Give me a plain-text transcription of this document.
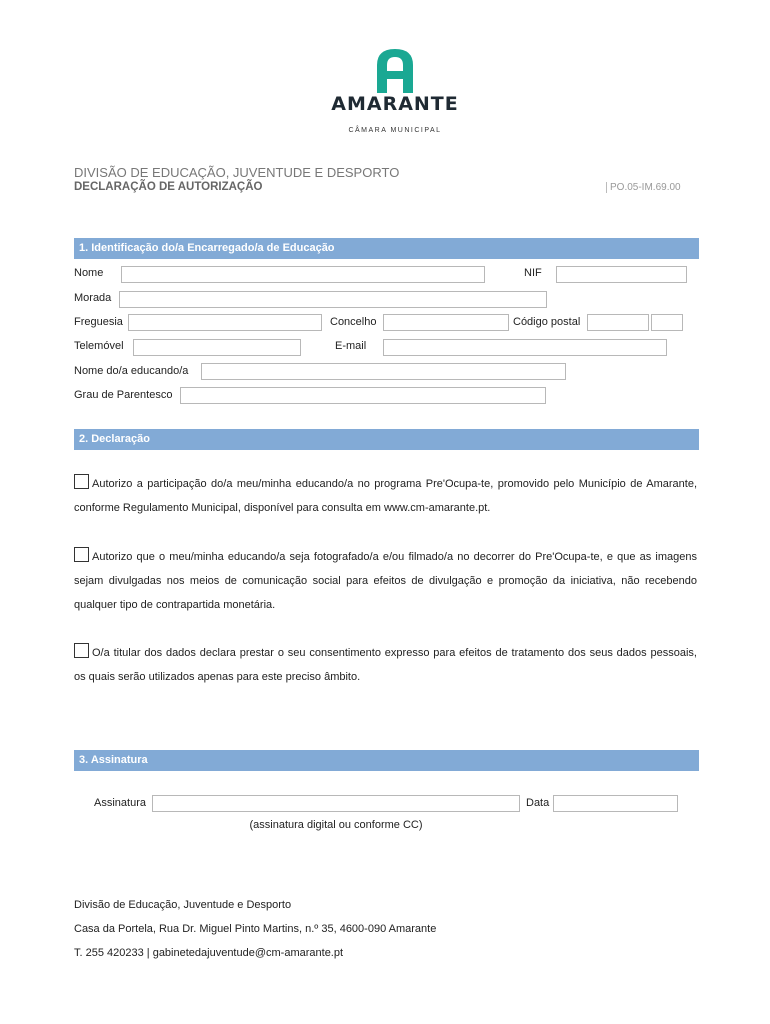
AMARANTE
CÂMARA MUNICIPAL
DIVISÃO DE EDUCAÇÃO, JUVENTUDE E DESPORTO
DECLARAÇÃO DE AUTORIZAÇÃO	PO.05-IM.69.00
1. Identificação do/a Encarregado/a de Educação
Nome	NIF
Morada
Freguesia	Concelho	Código postal
Telemóvel	E-mail
Nome do/a educando/a
Grau de Parentesco
2. Declaração
Autorizo a participação do/a meu/minha educando/a no programa Pre'Ocupa-te, promovido pelo Município de Amarante, conforme Regulamento Municipal, disponível para consulta em www.cm-amarante.pt.
Autorizo que o meu/minha educando/a seja fotografado/a e/ou filmado/a no decorrer do Pre'Ocupa-te, e que as imagens sejam divulgadas nos meios de comunicação social para efeitos de divulgação e promoção da iniciativa, não recebendo qualquer tipo de contrapartida monetária.
O/a titular dos dados declara prestar o seu consentimento expresso para efeitos de tratamento dos seus dados pessoais, os quais serão utilizados apenas para este preciso âmbito.
3. Assinatura
Assinatura	Data
(assinatura digital ou conforme CC)
Divisão de Educação, Juventude e Desporto
Casa da Portela, Rua Dr. Miguel Pinto Martins, n.º 35, 4600-090 Amarante
T. 255 420233 | gabinetedajuventude@cm-amarante.pt
